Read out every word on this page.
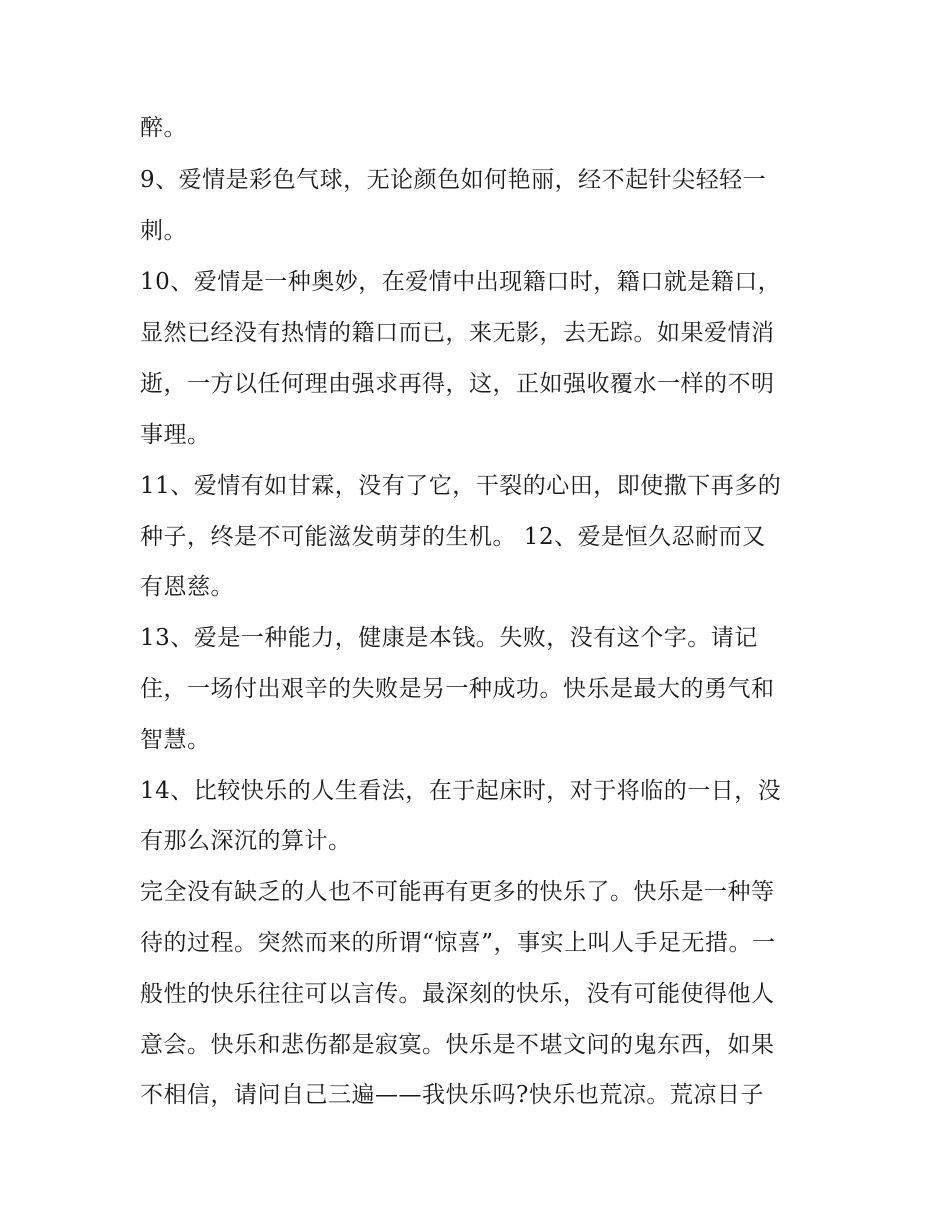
醉。

9、爱情是彩色气球，无论颜色如何艳丽，经不起针尖轻轻一

刺。

10、爱情是一种奥妙，在爱情中出现籍口时，籍口就是籍口，

显然已经没有热情的籍口而已，来无影，去无踪。如果爱情消

逝，一方以任何理由强求再得，这，正如强收覆水一样的不明

事理。

11、爱情有如甘霖，没有了它，干裂的心田，即使撒下再多的

种子，终是不可能滋发萌芽的生机。 12、爱是恒久忍耐而又

有恩慈。

13、爱是一种能力，健康是本钱。失败，没有这个字。请记

住，一场付出艰辛的失败是另一种成功。快乐是最大的勇气和

智慧。

14、比较快乐的人生看法，在于起床时，对于将临的一日，没

有那么深沉的算计。

完全没有缺乏的人也不可能再有更多的快乐了。快乐是一种等

待的过程。突然而来的所谓“惊喜”，事实上叫人手足无措。一

般性的快乐往往可以言传。最深刻的快乐，没有可能使得他人

意会。快乐和悲伤都是寂寞。快乐是不堪文问的鬼东西，如果

不相信，请问自己三遍——我快乐吗?快乐也荒凉。荒凉日子
